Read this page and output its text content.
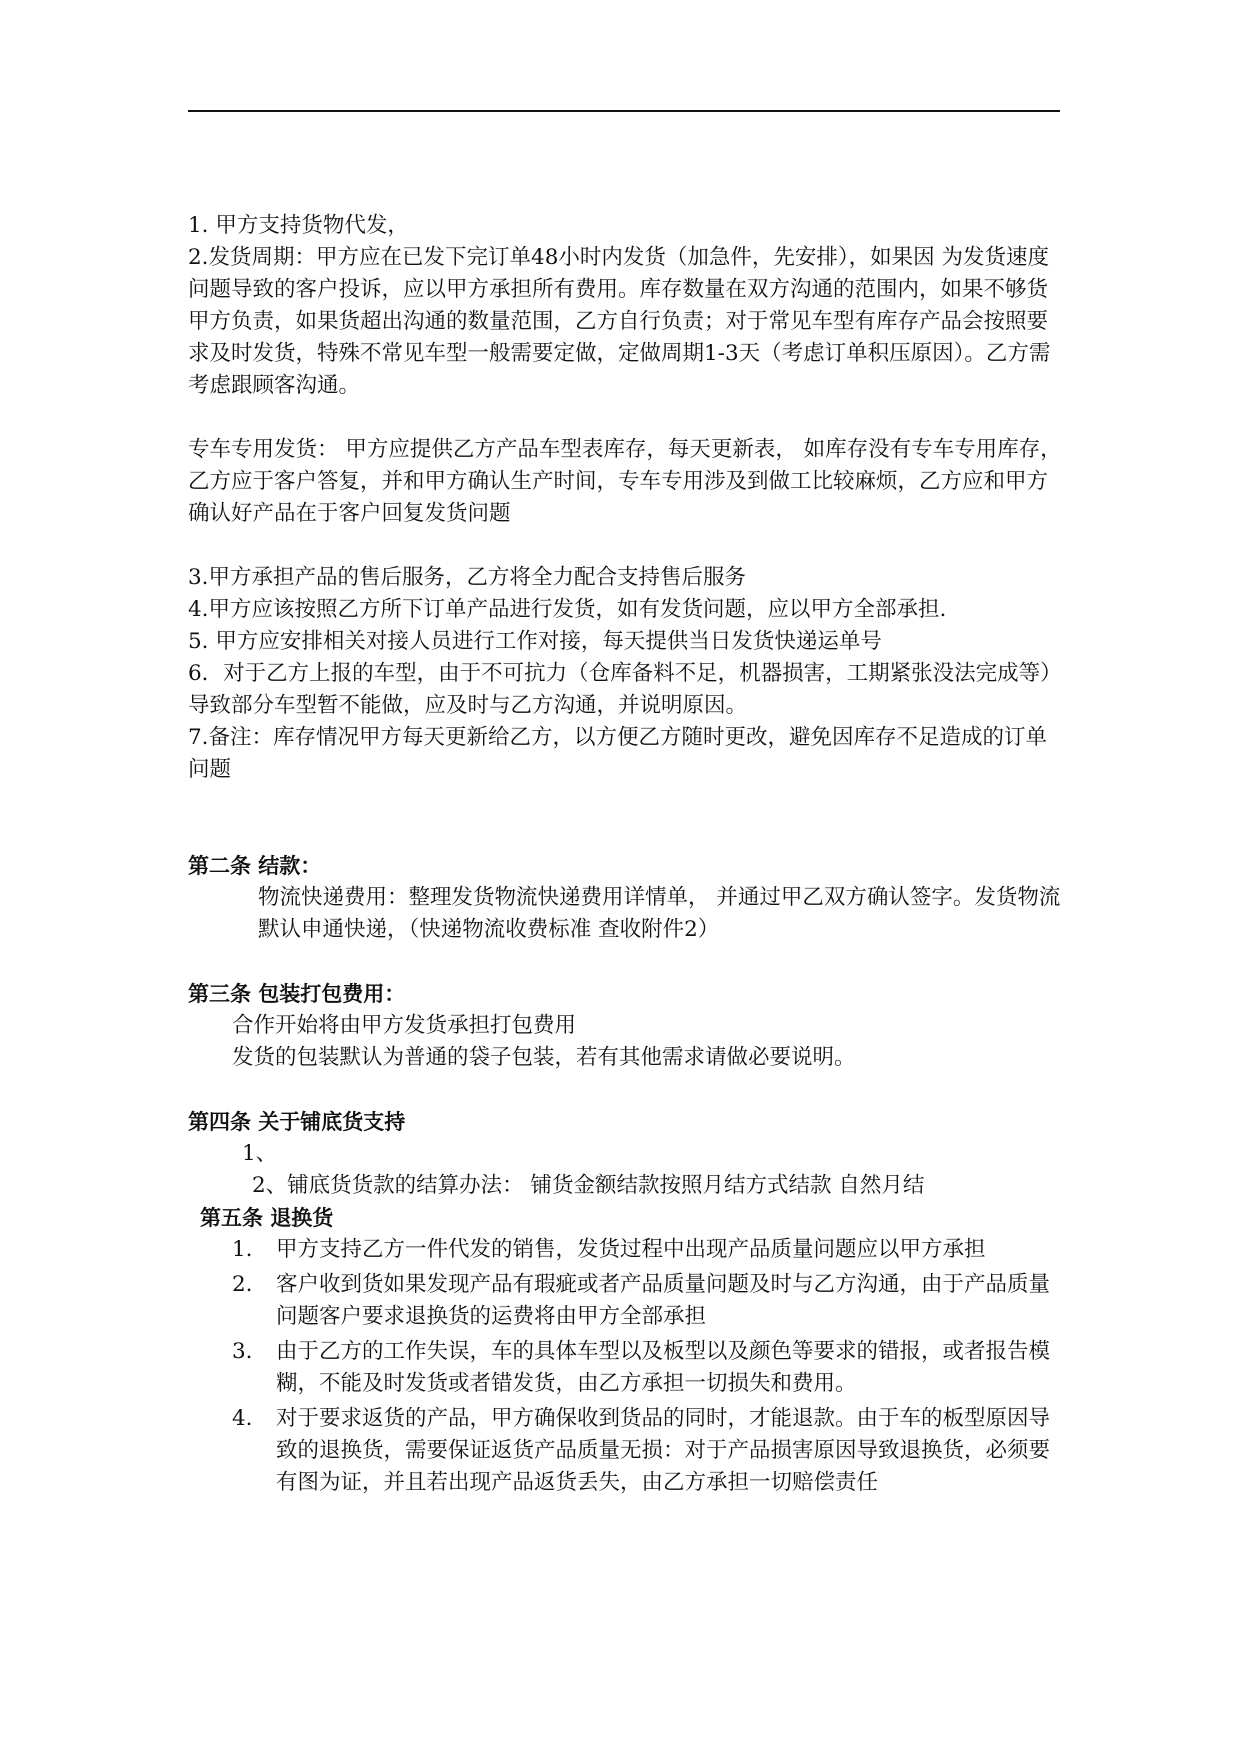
1. 甲方支持货物代发，

2.发货周期：甲方应在已发下完订单48小时内发货（加急件，先安排），如果因 为发货速度问题导致的客户投诉，应以甲方承担所有费用。库存数量在双方沟通的范围内，如果不够货甲方负责，如果货超出沟通的数量范围，乙方自行负责；对于常见车型有库存产品会按照要求及时发货，特殊不常见车型一般需要定做，定做周期1-3天（考虑订单积压原因）。乙方需考虑跟顾客沟通。

专车专用发货： 甲方应提供乙方产品车型表库存，每天更新表， 如库存没有专车专用库存，乙方应于客户答复，并和甲方确认生产时间，专车专用涉及到做工比较麻烦，乙方应和甲方确认好产品在于客户回复发货问题

3.甲方承担产品的售后服务，乙方将全力配合支持售后服务

4.甲方应该按照乙方所下订单产品进行发货，如有发货问题，应以甲方全部承担.

5. 甲方应安排相关对接人员进行工作对接，每天提供当日发货快递运单号

6．对于乙方上报的车型，由于不可抗力（仓库备料不足，机器损害，工期紧张没法完成等）导致部分车型暂不能做，应及时与乙方沟通，并说明原因。

7.备注：库存情况甲方每天更新给乙方，以方便乙方随时更改，避免因库存不足造成的订单问题

第二条 结款：

物流快递费用：整理发货物流快递费用详情单， 并通过甲乙双方确认签字。发货物流默认申通快递，（快递物流收费标准 查收附件2）

第三条 包装打包费用：

合作开始将由甲方发货承担打包费用

发货的包装默认为普通的袋子包装，若有其他需求请做必要说明。

第四条 关于铺底货支持

1、

2、铺底货货款的结算办法： 铺货金额结款按照月结方式结款 自然月结

第五条 退换货

1. 甲方支持乙方一件代发的销售，发货过程中出现产品质量问题应以甲方承担
2. 客户收到货如果发现产品有瑕疵或者产品质量问题及时与乙方沟通，由于产品质量问题客户要求退换货的运费将由甲方全部承担
3. 由于乙方的工作失误，车的具体车型以及板型以及颜色等要求的错报，或者报告模糊，不能及时发货或者错发货，由乙方承担一切损失和费用。
4. 对于要求返货的产品，甲方确保收到货品的同时，才能退款。由于车的板型原因导致的退换货，需要保证返货产品质量无损：对于产品损害原因导致退换货，必须要有图为证，并且若出现产品返货丢失，由乙方承担一切赔偿责任
